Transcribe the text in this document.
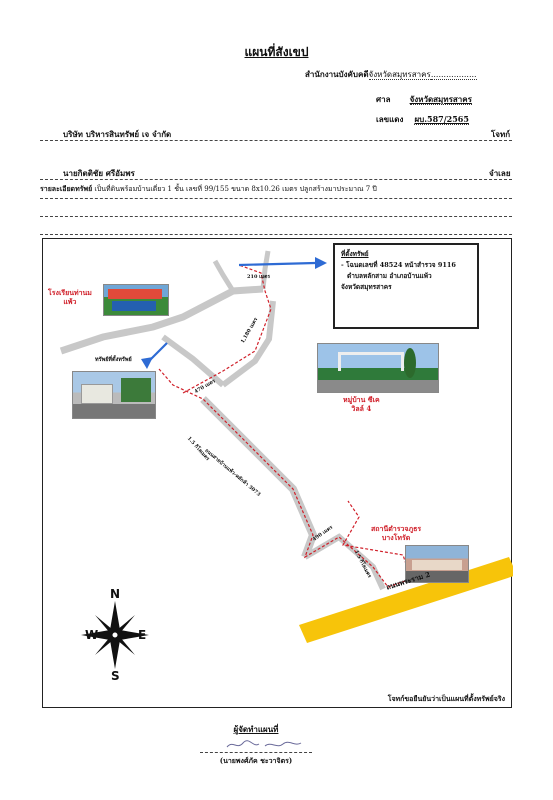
แผนที่สังเขป
สำนักงานบังคับคดีจังหวัดสมุทรสาคร..................
ศาล จังหวัดสมุทรสาคร
เลขแดง ผบ.587/2565
บริษัท บริหารสินทรัพย์ เจ จำกัด	โจทก์
นายกิตติชัย ศรีอัมพร	จำเลย
รายละเอียดทรัพย์ เป็นที่ดินพร้อมบ้านเดี่ยว 1 ชั้น เลขที่ 99/155 ขนาด 8x10.26 เมตร ปลูกสร้างมาประมาณ 7 ปี
N
S
E
W
ที่ตั้งทรัพย์
- โฉนดเลขที่ 48524 หน้าสำรวจ 9116
ตำบลหลักสาม อำเภอบ้านแพ้ว
จังหวัดสมุทรสาคร
โรงเรียนท่านม
แพ้ว
ทรัพย์ที่ตั้งทรัพย์
หมู่บ้าน ซีเค
วิลล์ 4
สถานีตำรวจภูธร
บางโทรัด
ถนนพระราม 2
ถนนสายบ้านแพ้ว-หลักห้า 3073
210 เมตร
1,180 เมตร
470 เมตร
1.5 กิโลเมตร
490 เมตร
1.5 กิโลเมตร
โจทก์ขอยืนยันว่าเป็นแผนที่ตั้งทรัพย์จริง
ผู้จัดทำแผนที่
(นายพงศ์ภัค ชะวาจิตร)
